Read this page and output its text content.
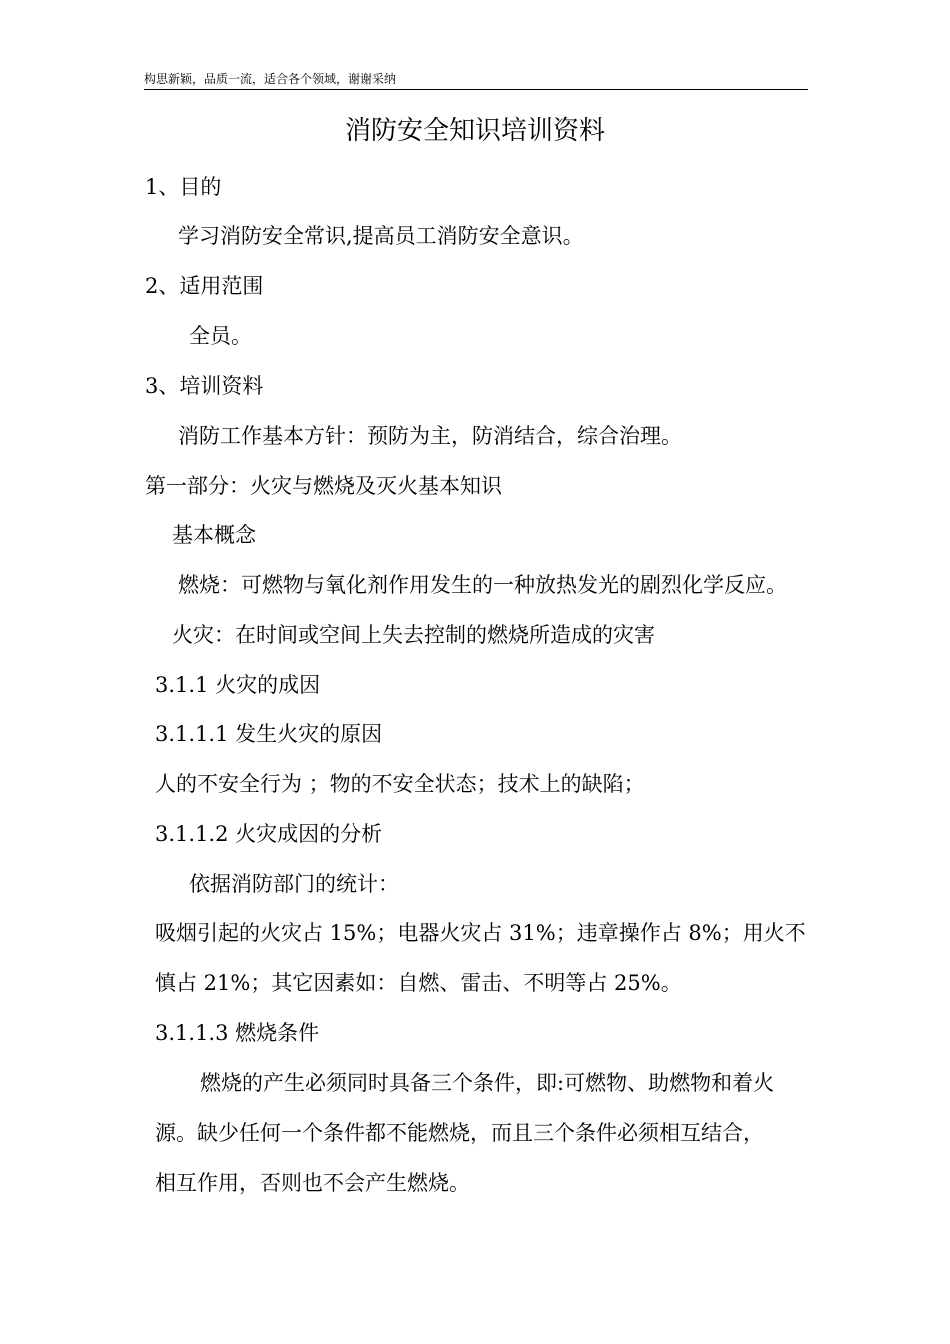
构思新颖，品质一流，适合各个领域，谢谢采纳
消防安全知识培训资料
1、目的
学习消防安全常识,提高员工消防安全意识。
2、适用范围
全员。
3、培训资料
消防工作基本方针：预防为主，防消结合，综合治理。
第一部分：火灾与燃烧及灭火基本知识
基本概念
燃烧：可燃物与氧化剂作用发生的一种放热发光的剧烈化学反应。
火灾：在时间或空间上失去控制的燃烧所造成的灾害
3.1.1 火灾的成因
3.1.1.1 发生火灾的原因
人的不安全行为 ；物的不安全状态；技术上的缺陷；
3.1.1.2 火灾成因的分析
依据消防部门的统计：
吸烟引起的火灾占 15%；电器火灾占 31%；违章操作占 8%；用火不
慎占 21%；其它因素如：自燃、雷击、不明等占 25%。
3.1.1.3 燃烧条件
燃烧的产生必须同时具备三个条件，即:可燃物、助燃物和着火
源。缺少任何一个条件都不能燃烧，而且三个条件必须相互结合，
相互作用，否则也不会产生燃烧。
